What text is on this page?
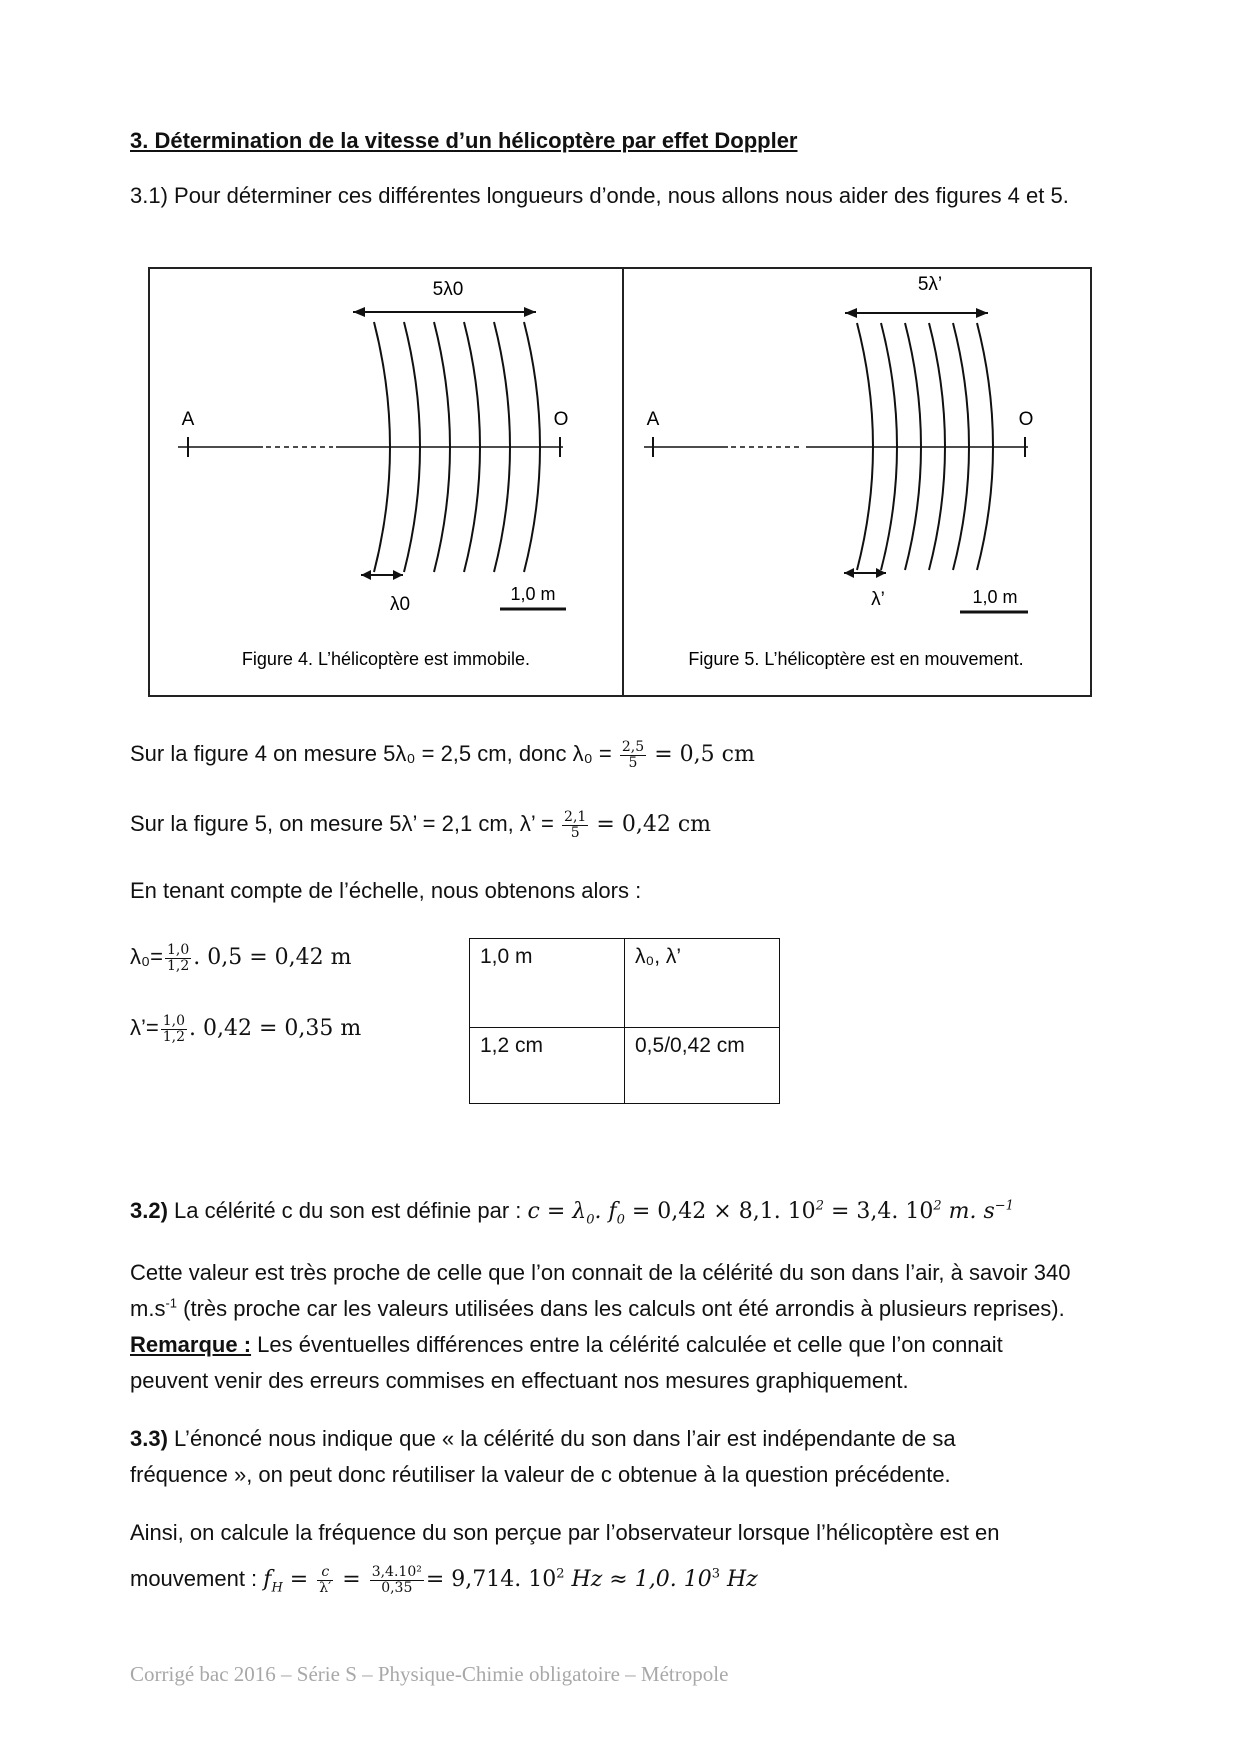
3. Détermination de la vitesse d’un hélicoptère par effet Doppler
3.1) Pour déterminer ces différentes longueurs d’onde, nous allons nous aider des figures 4 et 5.
5λ0
A	O
λ0	1,0 m
Figure 4. L’hélicoptère est immobile.
5λ’
A	O
λ’	1,0 m
Figure 5. L’hélicoptère est en mouvement.
Sur la figure 4 on mesure 5λ₀ = 2,5 cm, donc $\lambda_0 = \frac{2,5}{5} = 0,5$ cm
Sur la figure 5, on mesure 5λ’ = 2,1 cm, λ’ = $\frac{2,1}{5} = 0,42$ cm
En tenant compte de l’échelle, nous obtenons alors :
$\lambda_0= \frac{1,0}{1,2}$ . 0,5 = 0,42 m
λ’= $\frac{1,0}{1,2}$ . 0,42 = 0,35 m
1,0 m	λ₀, λ’
1,2 cm	0,5/0,42 cm
3.2) La célérité c du son est définie par : $c = \lambda_0$. $f_0 = 0,42 \times 8,1$. $10^2 = 3,4$. $10^2$ m. $s^{-1}$
Cette valeur est très proche de celle que l’on connait de la célérité du son dans l’air, à savoir 340
$m.s^{-1}$ (très proche car les valeurs utilisées dans les calculs ont été arrondis à plusieurs reprises).
Remarque : Les éventuelles différences entre la célérité calculée et celle que l’on connait
peuvent venir des erreurs commises en effectuant nos mesures graphiquement.
3.3) L’énoncé nous indique que « la célérité du son dans l’air est indépendante de sa
fréquence », on peut donc réutiliser la valeur de c obtenue à la question précédente.
Ainsi, on calcule la fréquence du son perçue par l’observateur lorsque l’hélicoptère est en
mouvement : $f_H = \frac{c}{\lambda'} = \frac{\text{3,4.10²}}{0,35} = 9,714$. $10^2$ Hz ≈ 1,0. $10^3$ Hz
Corrigé bac 2016 – Série S – Physique-Chimie obligatoire – Métropole
